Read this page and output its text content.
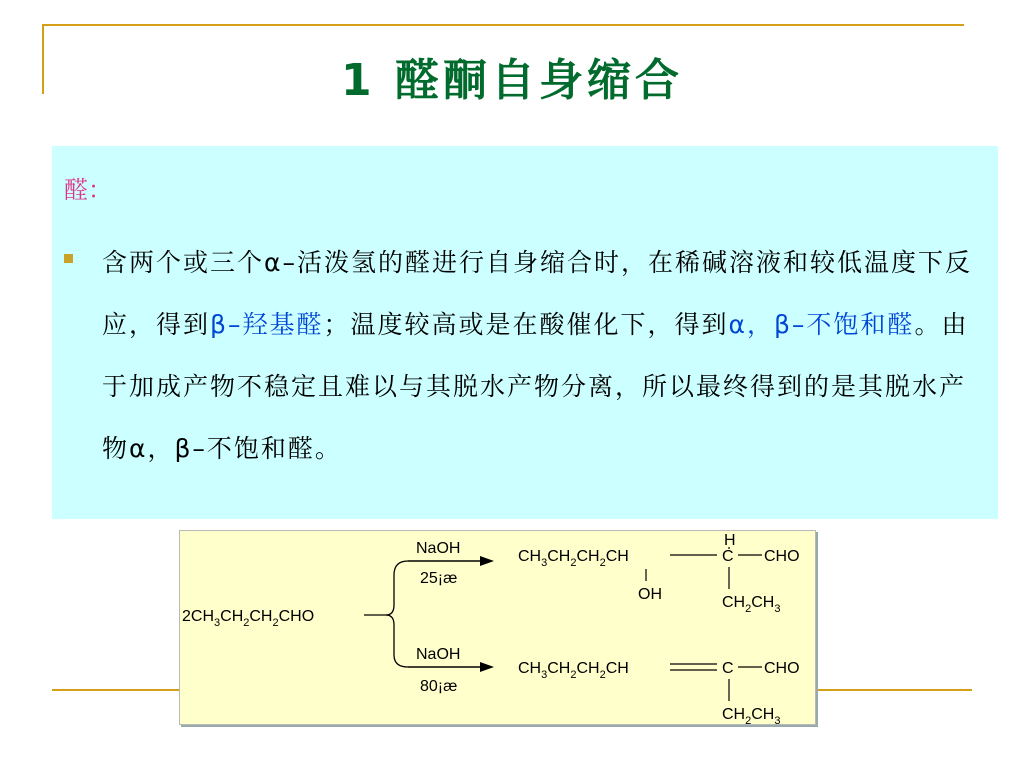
1 醛酮自身缩合
醛：
含两个或三个α–活泼氢的醛进行自身缩合时，在稀碱溶液和较低温度下反应，得到β–羟基醛；温度较高或是在酸催化下，得到α，β–不饱和醛。由于加成产物不稳定且难以与其脱水产物分离，所以最终得到的是其脱水产物α，β–不饱和醛。
$2CH_3CH_2CH_2CHO$
NaOH
25¡æ
NaOH
80¡æ
$CH_3CH_2CH_2CH$
OH
H
C CHO
$CH_2CH_3$
$CH_3CH_2CH_2CH$	C CHO
$CH_2CH_3$
